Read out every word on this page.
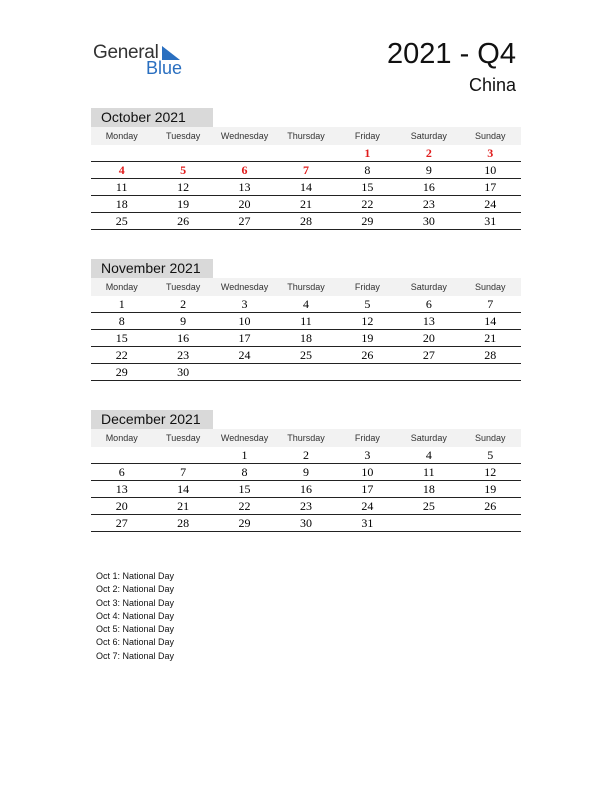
General
Blue	2021 - Q4
China
October 2021
Monday	Tuesday	Wednesday	Thursday	Friday	Saturday	Sunday
				1	2	3
4	5	6	7	8	9	10
11	12	13	14	15	16	17
18	19	20	21	22	23	24
25	26	27	28	29	30	31
November 2021
Monday	Tuesday	Wednesday	Thursday	Friday	Saturday	Sunday
1	2	3	4	5	6	7
8	9	10	11	12	13	14
15	16	17	18	19	20	21
22	23	24	25	26	27	28
29	30					
December 2021
Monday	Tuesday	Wednesday	Thursday	Friday	Saturday	Sunday
		1	2	3	4	5
6	7	8	9	10	11	12
13	14	15	16	17	18	19
20	21	22	23	24	25	26
27	28	29	30	31		
Oct 1: National Day
Oct 2: National Day
Oct 3: National Day
Oct 4: National Day
Oct 5: National Day
Oct 6: National Day
Oct 7: National Day
